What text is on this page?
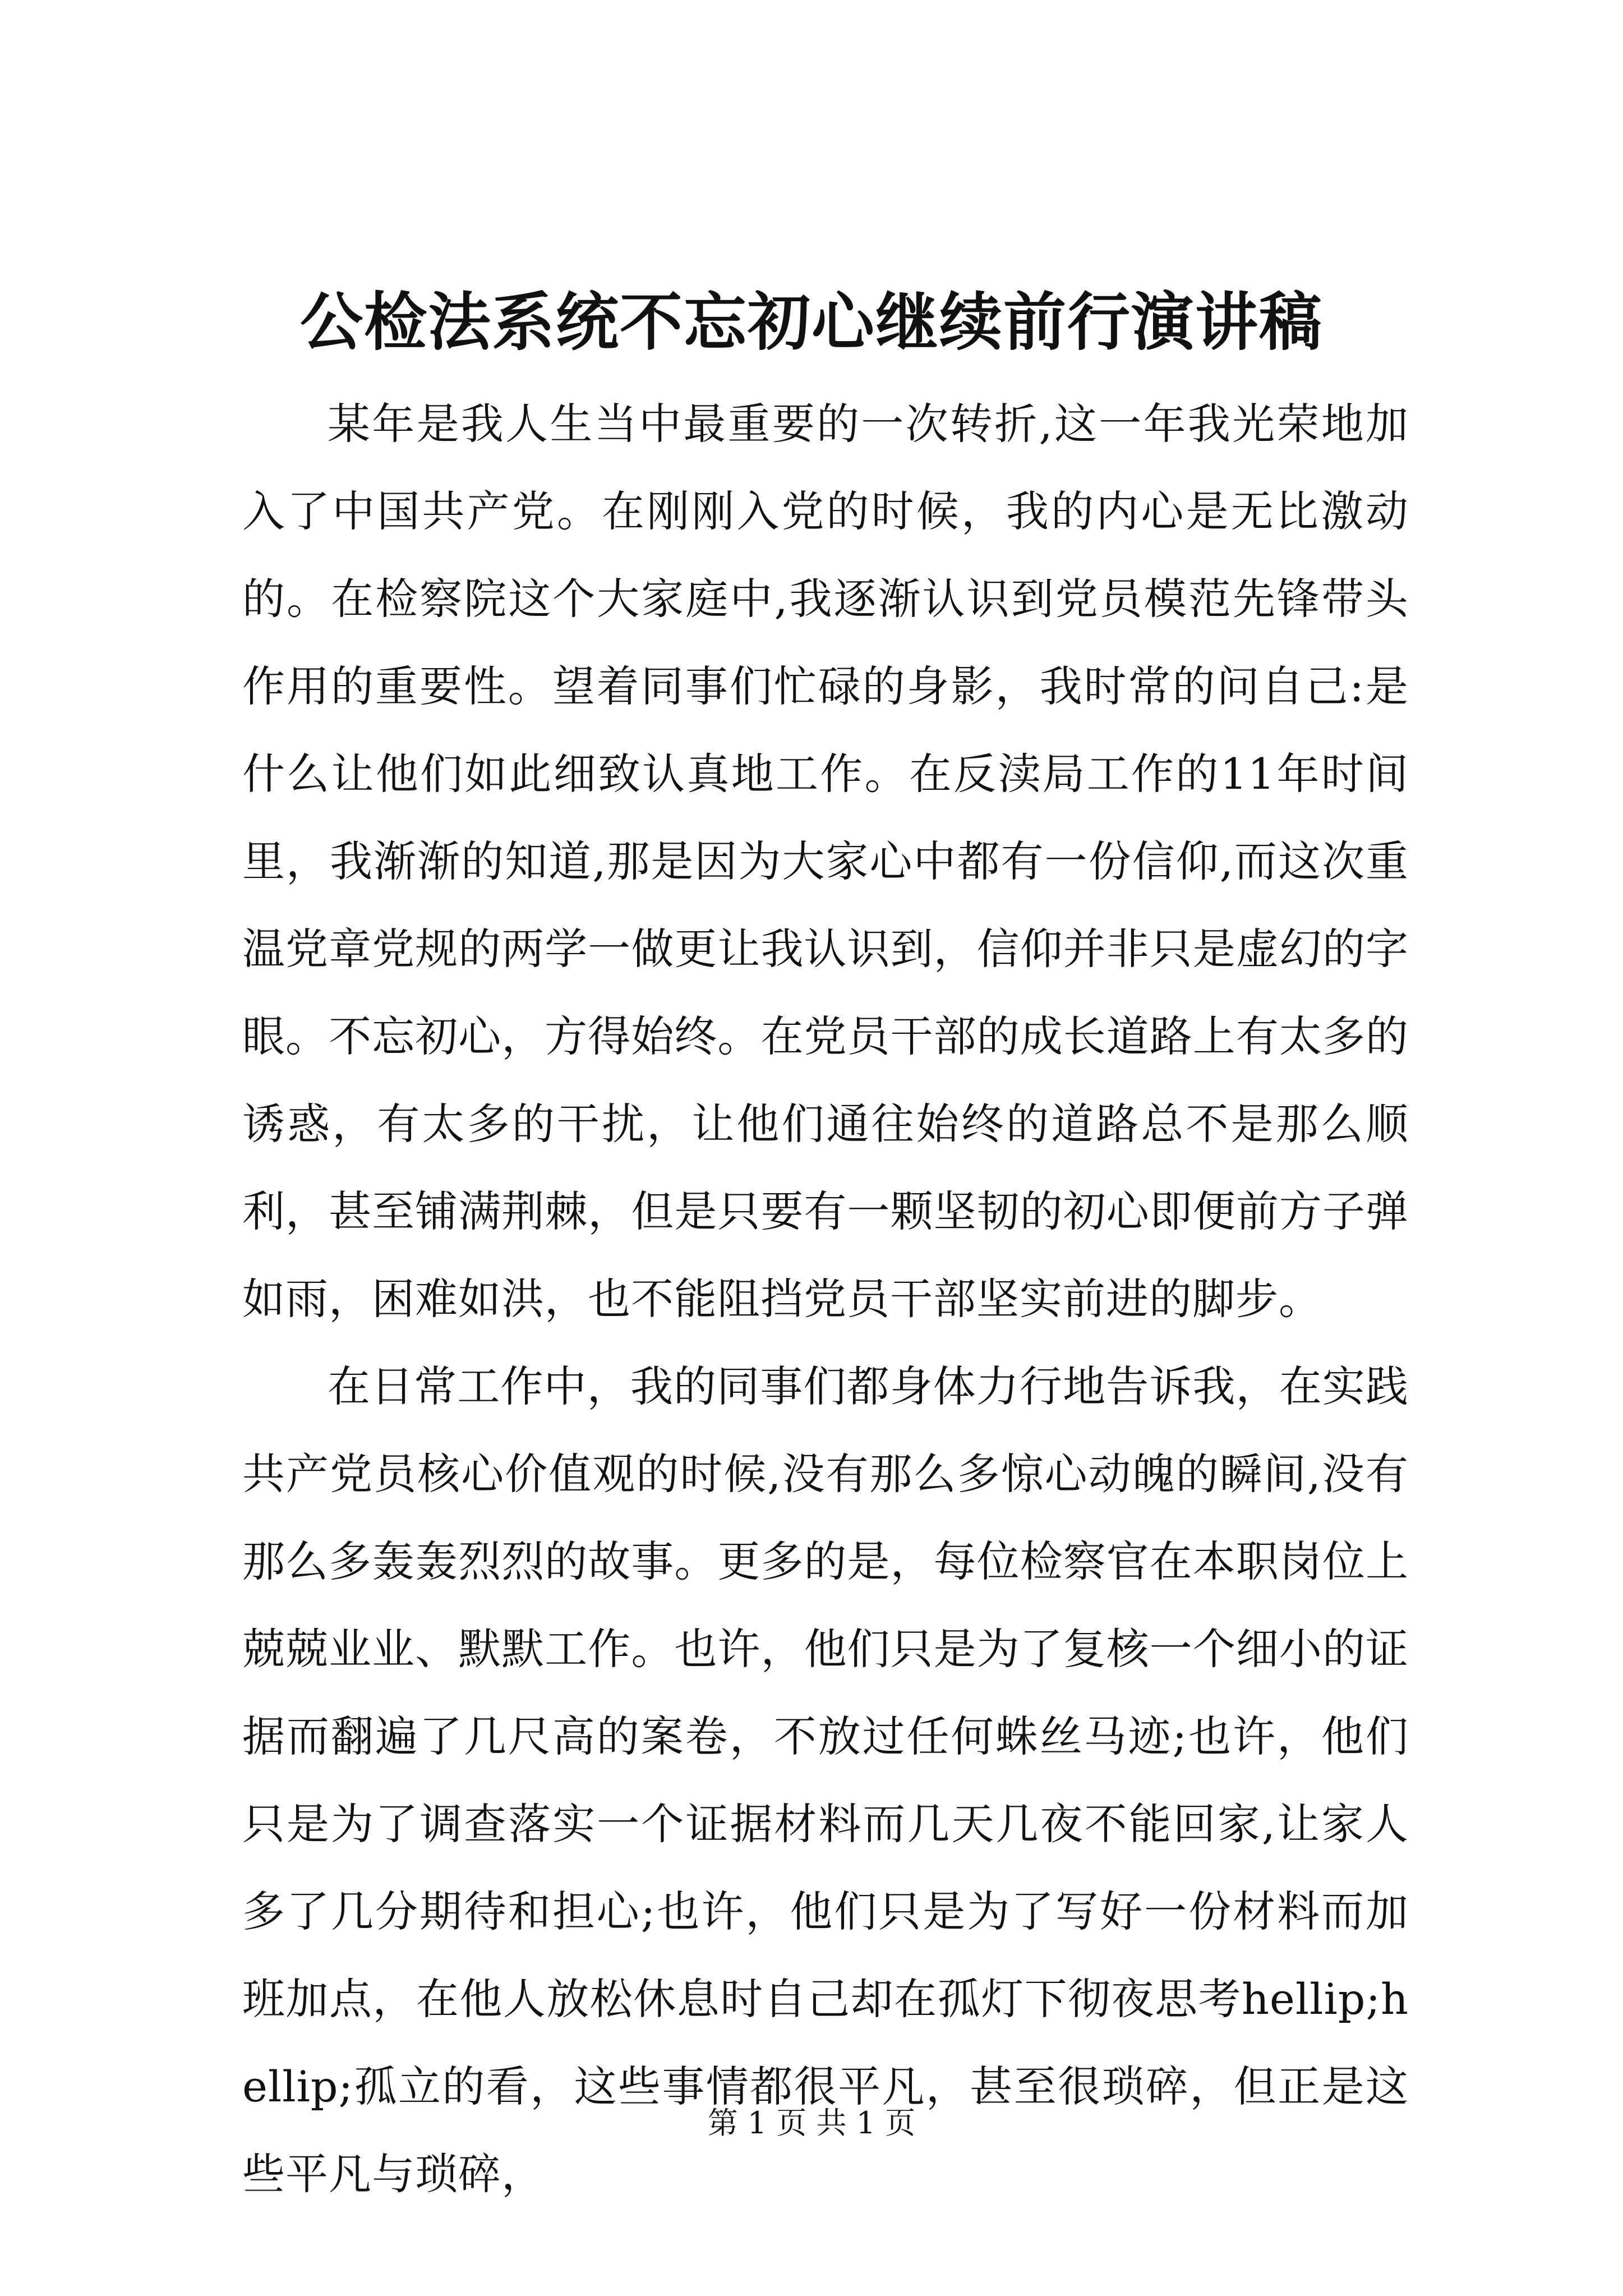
公检法系统不忘初心继续前行演讲稿

某年是我人生当中最重要的一次转折,这一年我光荣地加入了中国共产党。在刚刚入党的时候，我的内心是无比激动的。在检察院这个大家庭中,我逐渐认识到党员模范先锋带头作用的重要性。望着同事们忙碌的身影，我时常的问自己:是什么让他们如此细致认真地工作。在反渎局工作的11年时间里，我渐渐的知道,那是因为大家心中都有一份信仰,而这次重温党章党规的两学一做更让我认识到，信仰并非只是虚幻的字眼。不忘初心，方得始终。在党员干部的成长道路上有太多的诱惑，有太多的干扰，让他们通往始终的道路总不是那么顺利，甚至铺满荆棘，但是只要有一颗坚韧的初心即便前方子弹如雨，困难如洪，也不能阻挡党员干部坚实前进的脚步。

在日常工作中，我的同事们都身体力行地告诉我，在实践共产党员核心价值观的时候,没有那么多惊心动魄的瞬间,没有那么多轰轰烈烈的故事。更多的是，每位检察官在本职岗位上兢兢业业、默默工作。也许，他们只是为了复核一个细小的证据而翻遍了几尺高的案卷，不放过任何蛛丝马迹;也许，他们只是为了调查落实一个证据材料而几天几夜不能回家,让家人多了几分期待和担心;也许，他们只是为了写好一份材料而加班加点，在他人放松休息时自己却在孤灯下彻夜思考hellip;hellip;孤立的看，这些事情都很平凡，甚至很琐碎，但正是这些平凡与琐碎，

第 1 页 共 1 页
